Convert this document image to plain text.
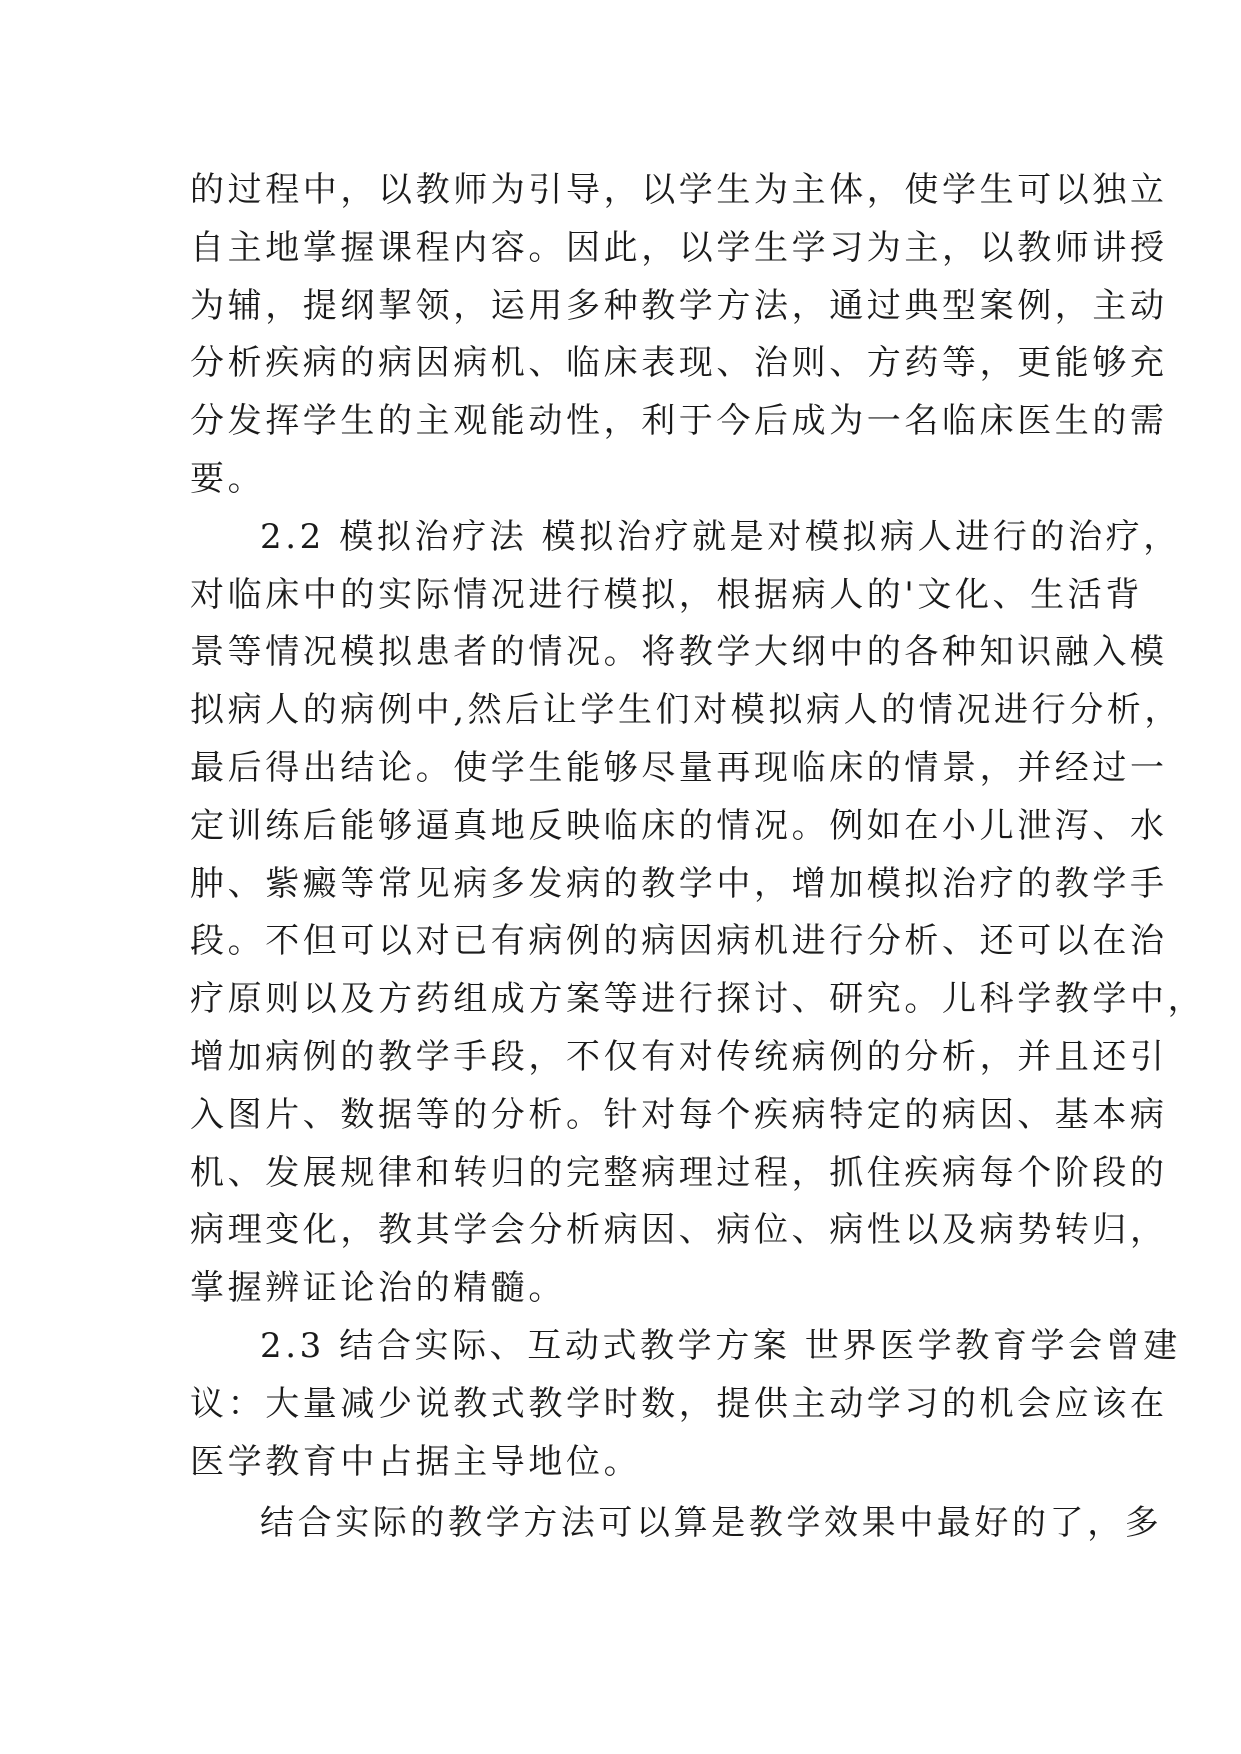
的过程中，以教师为引导，以学生为主体，使学生可以独立
自主地掌握课程内容。因此，以学生学习为主，以教师讲授
为辅，提纲挈领，运用多种教学方法，通过典型案例，主动
分析疾病的病因病机、临床表现、治则、方药等，更能够充
分发挥学生的主观能动性，利于今后成为一名临床医生的需
要。
2.2 模拟治疗法 模拟治疗就是对模拟病人进行的治疗，
对临床中的实际情况进行模拟，根据病人的'文化、生活背
景等情况模拟患者的情况。将教学大纲中的各种知识融入模
拟病人的病例中,然后让学生们对模拟病人的情况进行分析，
最后得出结论。使学生能够尽量再现临床的情景，并经过一
定训练后能够逼真地反映临床的情况。例如在小儿泄泻、水
肿、紫癜等常见病多发病的教学中，增加模拟治疗的教学手
段。不但可以对已有病例的病因病机进行分析、还可以在治
疗原则以及方药组成方案等进行探讨、研究。儿科学教学中，
增加病例的教学手段，不仅有对传统病例的分析，并且还引
入图片、数据等的分析。针对每个疾病特定的病因、基本病
机、发展规律和转归的完整病理过程，抓住疾病每个阶段的
病理变化，教其学会分析病因、病位、病性以及病势转归，
掌握辨证论治的精髓。
2.3 结合实际、互动式教学方案 世界医学教育学会曾建
议：大量减少说教式教学时数，提供主动学习的机会应该在
医学教育中占据主导地位。
结合实际的教学方法可以算是教学效果中最好的了，多
